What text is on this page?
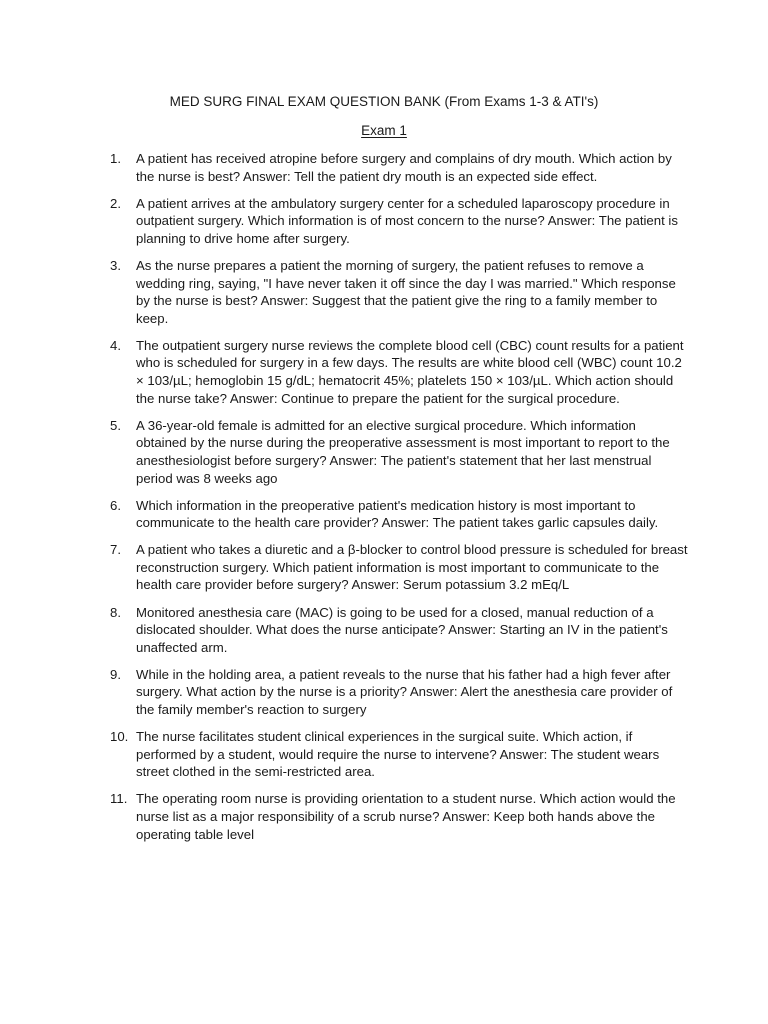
MED SURG FINAL EXAM QUESTION BANK (From Exams 1-3 & ATI's)
Exam 1
1.	A patient has received atropine before surgery and complains of dry mouth. Which action by the nurse is best? Answer: Tell the patient dry mouth is an expected side effect.
2.	A patient arrives at the ambulatory surgery center for a scheduled laparoscopy procedure in outpatient surgery. Which information is of most concern to the nurse? Answer: The patient is planning to drive home after surgery.
3.	As the nurse prepares a patient the morning of surgery, the patient refuses to remove a wedding ring, saying, "I have never taken it off since the day I was married." Which response by the nurse is best? Answer: Suggest that the patient give the ring to a family member to keep.
4.	The outpatient surgery nurse reviews the complete blood cell (CBC) count results for a patient who is scheduled for surgery in a few days. The results are white blood cell (WBC) count 10.2 × 103/µL; hemoglobin 15 g/dL; hematocrit 45%; platelets 150 × 103/µL. Which action should the nurse take? Answer: Continue to prepare the patient for the surgical procedure.
5.	A 36-year-old female is admitted for an elective surgical procedure. Which information obtained by the nurse during the preoperative assessment is most important to report to the anesthesiologist before surgery? Answer: The patient's statement that her last menstrual period was 8 weeks ago
6.	Which information in the preoperative patient's medication history is most important to communicate to the health care provider? Answer: The patient takes garlic capsules daily.
7.	A patient who takes a diuretic and a β-blocker to control blood pressure is scheduled for breast reconstruction surgery. Which patient information is most important to communicate to the health care provider before surgery? Answer: Serum potassium 3.2 mEq/L
8.	Monitored anesthesia care (MAC) is going to be used for a closed, manual reduction of a dislocated shoulder. What does the nurse anticipate? Answer: Starting an IV in the patient's unaffected arm.
9.	While in the holding area, a patient reveals to the nurse that his father had a high fever after surgery. What action by the nurse is a priority? Answer: Alert the anesthesia care provider of the family member's reaction to surgery
10. The nurse facilitates student clinical experiences in the surgical suite. Which action, if performed by a student, would require the nurse to intervene? Answer: The student wears street clothed in the semi-restricted area.
11. The operating room nurse is providing orientation to a student nurse. Which action would the nurse list as a major responsibility of a scrub nurse? Answer: Keep both hands above the operating table level
